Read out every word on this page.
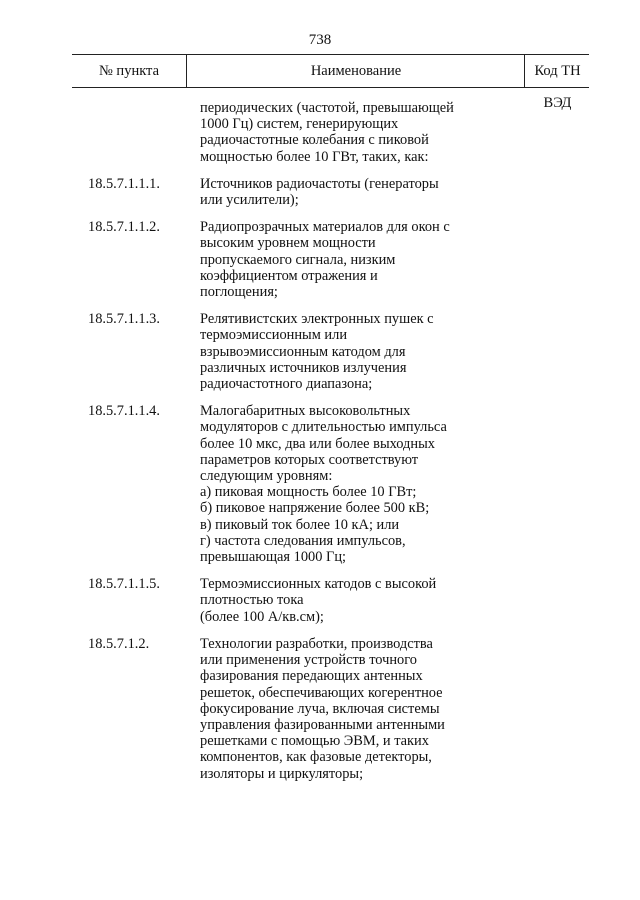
738
№ пункта	Наименование	Код ТН ВЭД
периодических (частотой, превышающей
1000 Гц) систем, генерирующих
радиочастотные колебания с пиковой
мощностью более 10 ГВт, таких, как:
18.5.7.1.1.1.	Источников радиочастоты (генераторы
или усилители);
18.5.7.1.1.2.	Радиопрозрачных материалов для окон с
высоким уровнем мощности
пропускаемого сигнала, низким
коэффициентом отражения и
поглощения;
18.5.7.1.1.3.	Релятивистских электронных пушек с
термоэмиссионным или
взрывоэмиссионным катодом для
различных источников излучения
радиочастотного диапазона;
18.5.7.1.1.4.	Малогабаритных высоковольтных
модуляторов с длительностью импульса
более 10 мкс, два или более выходных
параметров которых соответствуют
следующим уровням:
а) пиковая мощность более 10 ГВт;
б) пиковое напряжение более 500 кВ;
в) пиковый ток более 10 кА; или
г) частота следования импульсов,
превышающая 1000 Гц;
18.5.7.1.1.5.	Термоэмиссионных катодов с высокой
плотностью тока
(более 100 А/кв.см);
18.5.7.1.2.	Технологии разработки, производства
или применения устройств точного
фазирования передающих антенных
решеток, обеспечивающих когерентное
фокусирование луча, включая системы
управления фазированными антенными
решетками с помощью ЭВМ, и таких
компонентов, как фазовые детекторы,
изоляторы и циркуляторы;
